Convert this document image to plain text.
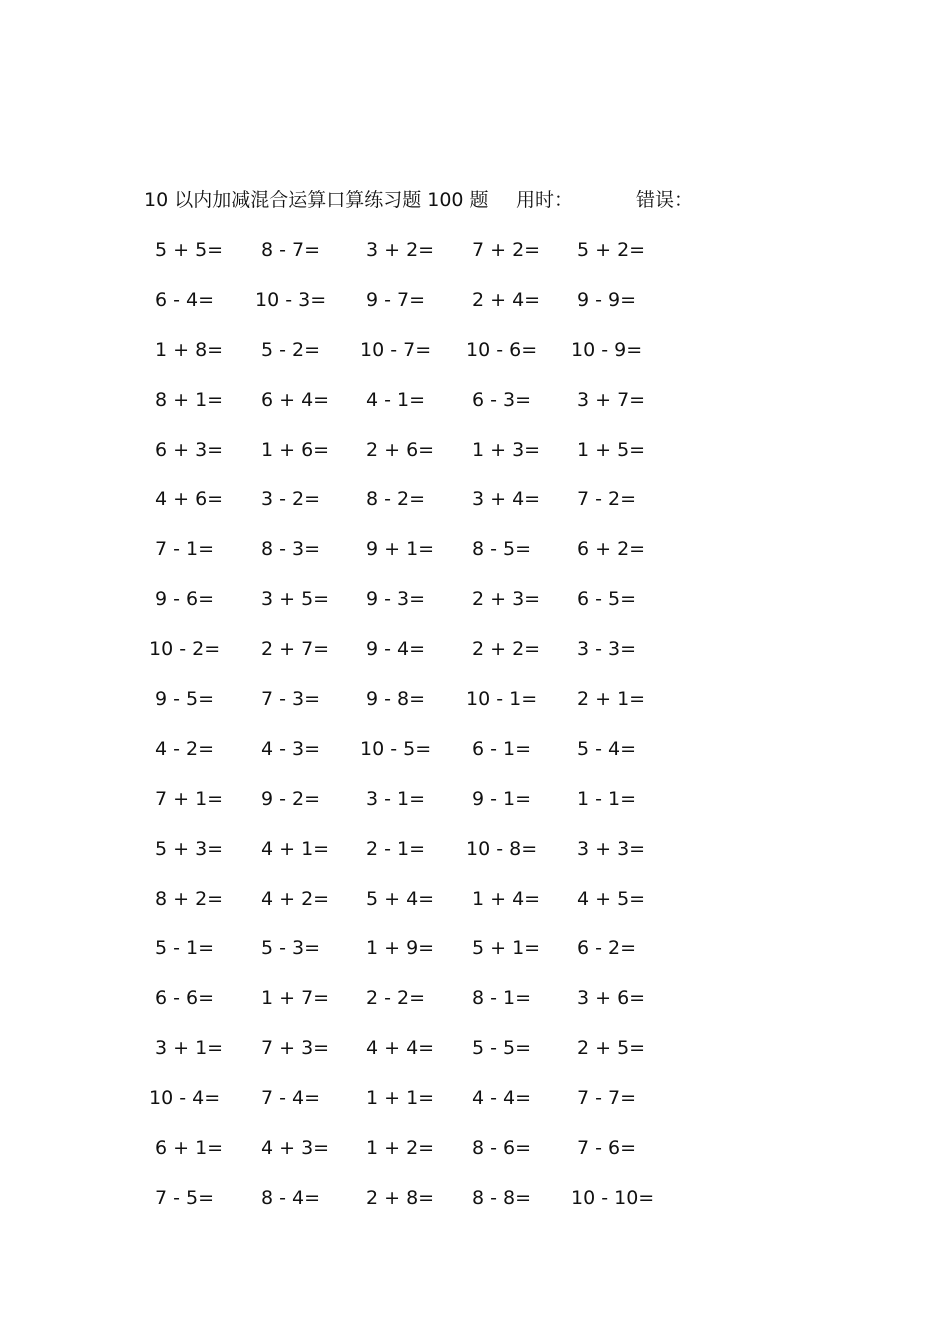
10 以内加减混合运算口算练习题 100 题 用时：	错误：
5 + 5= 8 - 7= 3 + 2= 7 + 2= 5 + 2=
6 - 4= 10 - 3= 9 - 7= 2 + 4= 9 - 9=
1 + 8= 5 - 2= 10 - 7= 10 - 6= 10 - 9=
8 + 1= 6 + 4= 4 - 1= 6 - 3= 3 + 7=
6 + 3= 1 + 6= 2 + 6= 1 + 3= 1 + 5=
4 + 6= 3 - 2= 8 - 2= 3 + 4= 7 - 2=
7 - 1= 8 - 3= 9 + 1= 8 - 5= 6 + 2=
9 - 6= 3 + 5= 9 - 3= 2 + 3= 6 - 5=
10 - 2= 2 + 7= 9 - 4= 2 + 2= 3 - 3=
9 - 5= 7 - 3= 9 - 8= 10 - 1= 2 + 1=
4 - 2= 4 - 3= 10 - 5= 6 - 1= 5 - 4=
7 + 1= 9 - 2= 3 - 1= 9 - 1= 1 - 1=
5 + 3= 4 + 1= 2 - 1= 10 - 8= 3 + 3=
8 + 2= 4 + 2= 5 + 4= 1 + 4= 4 + 5=
5 - 1= 5 - 3= 1 + 9= 5 + 1= 6 - 2=
6 - 6= 1 + 7= 2 - 2= 8 - 1= 3 + 6=
3 + 1= 7 + 3= 4 + 4= 5 - 5= 2 + 5=
10 - 4= 7 - 4= 1 + 1= 4 - 4= 7 - 7=
6 + 1= 4 + 3= 1 + 2= 8 - 6= 7 - 6=
7 - 5= 8 - 4= 2 + 8= 8 - 8= 10 - 10=
